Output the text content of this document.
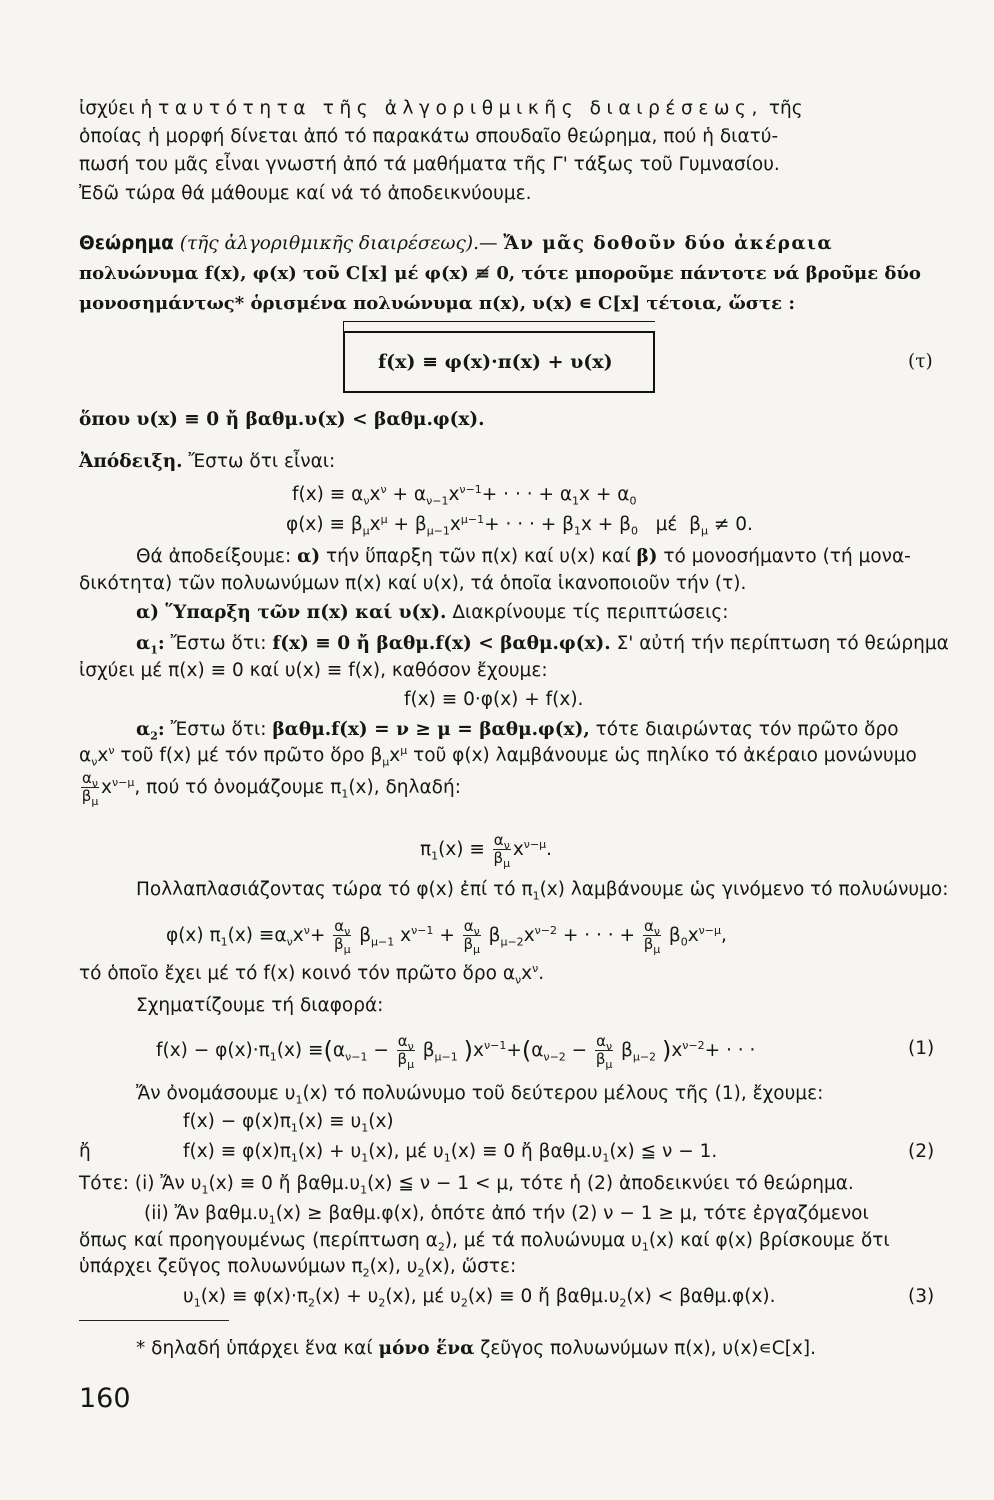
ἰσχύει ἡ ταυτότητα τῆς ἀλγοριθμικῆς διαιρέσεως, τῆς
ὁποίας ἡ μορφή δίνεται ἀπό τό παρακάτω σπουδαῖο θεώρημα, πού ἡ διατύ-
πωσή του μᾶς εἶναι γνωστή ἀπό τά μαθήματα τῆς Γ' τάξως τοῦ Γυμνασίου.
Ἐδῶ τώρα θά μάθουμε καί νά τό ἀποδεικνύουμε.
Θεώρημα (τῆς ἀλγοριθμικῆς διαιρέσεως).— Ἄν μᾶς δοθοῦν δύο ἀκέραια
πολυώνυμα f(x), φ(x) τοῦ C[x] μέ φ(x) ≢ 0, τότε μποροῦμε πάντοτε νά βροῦμε δύο
μονοσημάντως* ὁρισμένα πολυώνυμα π(x), υ(x) ∊ C[x] τέτοια, ὥστε :
f(x) ≡ φ(x)·π(x) + υ(x)	(τ)
ὅπου υ(x) ≡ 0 ἤ βαθμ.υ(x) < βαθμ.φ(x).
Ἀπόδειξη. Ἔστω ὅτι εἶναι:
$f(x) \equiv \alpha_\nu x^\nu + \alpha_{\nu-1}x^{\nu-1}+$ · · · + $\alpha_1x + \alpha_0$
$\varphi(x) \equiv \beta_\mu x^\mu + \beta_{\mu-1}x^{\mu-1}+$ · · · + $\beta_1x + \beta_0$   μέ  $\beta_\mu \ne 0$.
Θά ἀποδείξουμε: α) τήν ὕπαρξη τῶν π(x) καί υ(x) καί β) τό μονοσήμαντο (τή μονα-
δικότητα) τῶν πολυωνύμων π(x) καί υ(x), τά ὁποῖα ἱκανοποιοῦν τήν (τ).
α) Ὕπαρξη τῶν π(x) καί υ(x). Διακρίνουμε τίς περιπτώσεις:
$\alpha_1$: Ἔστω ὅτι: f(x) ≡ 0 ἤ βαθμ.f(x) < βαθμ.φ(x). Σ' αὐτή τήν περίπτωση τό θεώρημα
ἰσχύει μέ π(x) ≡ 0 καί υ(x) ≡ f(x), καθόσον ἔχουμε:
f(x) ≡ 0·φ(x) + f(x).
$\alpha_2$: Ἔστω ὅτι: βαθμ.f(x) = ν ≥ μ = βαθμ.φ(x), τότε διαιρώντας τόν πρῶτο ὅρο
$\alpha_\nu x^\nu$ τοῦ f(x) μέ τόν πρῶτο ὅρο $\beta_\mu x^\mu$ τοῦ φ(x) λαμβάνουμε ὡς πηλίκο τό ἀκέραιο μονώνυμο
$\frac{\alpha_\nu}{\beta_\mu} x^{\nu-\mu}$, πού τό ὀνομάζουμε $\pi_1(x)$, δηλαδή:
$\pi_1(x) \equiv \frac{\alpha_\nu}{\beta_\mu} x^{\nu-\mu}$.
Πολλαπλασιάζοντας τώρα τό φ(x) ἐπί τό $\pi_1(x)$ λαμβάνουμε ὡς γινόμενο τό πολυώνυμο:
φ(x) $\pi_1(x) \equiv\alpha_\nu x^\nu+ \frac{\alpha_\nu}{\beta_\mu} \beta_{\mu-1}$ $x^{\nu-1} + \frac{\alpha_\nu}{\beta_\mu} \beta_{\mu-2}x^{\nu-2}$ + · · · + $\frac{\alpha_\nu}{\beta_\mu} \beta_0x^{\nu-\mu}$,
τό ὁποῖο ἔχει μέ τό f(x) κοινό τόν πρῶτο ὅρο $\alpha_\nu x^\nu$.
Σχηματίζουμε τή διαφορά:
$f(x) - \varphi(x)\cdot\pi_1(x) \equiv(\alpha_{\nu-1} - \frac{\alpha_\nu}{\beta_\mu} \beta_{\mu-1}$ )$x^{\nu-1}+(\alpha_{\nu-2} - \frac{\alpha_\nu}{\beta_\mu} \beta_{\mu-2}$ )$x^{\nu-2}+$ · · ·	(1)
Ἄν ὀνομάσουμε $\upsilon_1(x)$ τό πολυώνυμο τοῦ δεύτερου μέλους τῆς (1), ἔχουμε:
$f(x) - \varphi(x)\pi_1(x) \equiv \upsilon_1(x)$
ἤ	$f(x) \equiv \varphi(x)\pi_1(x) + \upsilon_1(x)$, μέ $\upsilon_1(x) \equiv 0$ ἤ $\beta\alpha\theta\mu.\upsilon_1(x)$ ≦ ν − 1.	(2)
Τότε: (i) Ἄν $\upsilon_1(x) \equiv 0$ ἤ $\beta\alpha\theta\mu.\upsilon_1(x)$ ≦ ν − 1 < μ, τότε ἡ (2) ἀποδεικνύει τό θεώρημα.
(ii) Ἄν $\beta\alpha\theta\mu.\upsilon_1(x) \ge \beta\alpha\theta\mu.\varphi(x)$, ὁπότε ἀπό τήν (2) ν − 1 ≥ μ, τότε ἐργαζόμενοι
ὅπως καί προηγουμένως (περίπτωση $\alpha_2$), μέ τά πολυώνυμα $\upsilon_1(x)$ καί φ(x) βρίσκουμε ὅτι
ὑπάρχει ζεῦγος πολυωνύμων $\pi_2(x)$, $\upsilon_2(x)$, ὥστε:
$\upsilon_1(x) \equiv \varphi(x)\cdot\pi_2(x) + \upsilon_2(x)$, μέ $\upsilon_2(x) \equiv 0$ ἤ $\beta\alpha\theta\mu.\upsilon_2(x) < \beta\alpha\theta\mu.\varphi(x)$.	(3)
* δηλαδή ὑπάρχει ἕνα καί μόνο ἕνα ζεῦγος πολυωνύμων π(x), υ(x)∊C[x].
160
